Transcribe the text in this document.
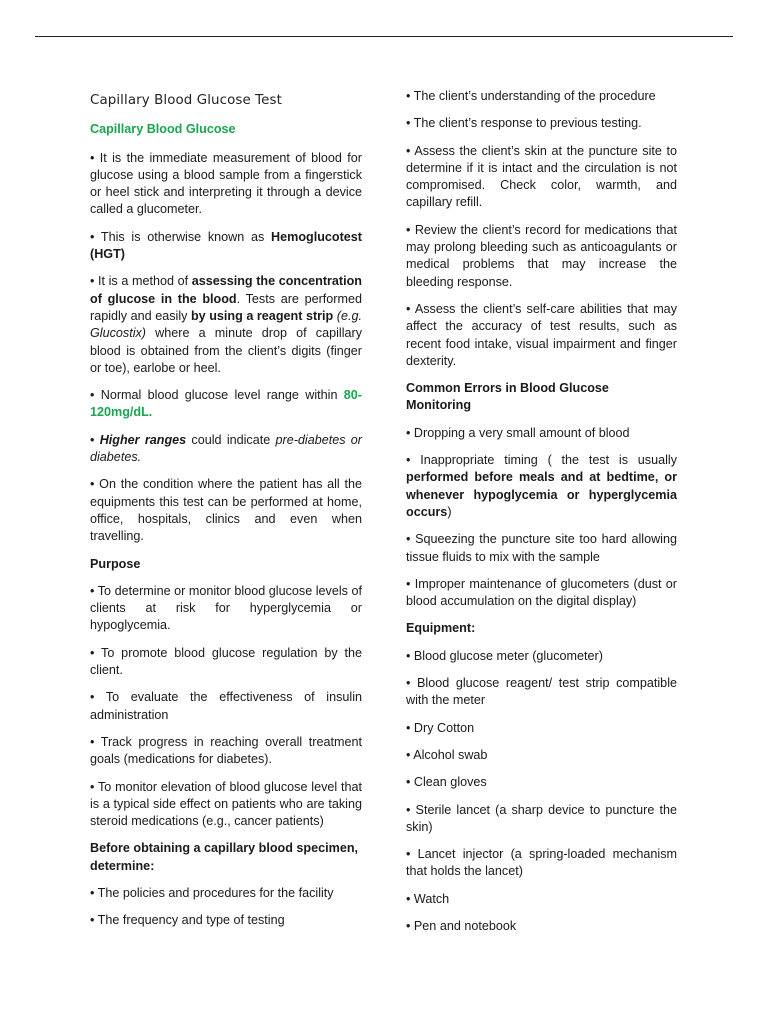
Capillary Blood Glucose Test
Capillary Blood Glucose

• It is the immediate measurement of blood for glucose using a blood sample from a fingerstick or heel stick and interpreting it through a device called a glucometer.

• This is otherwise known as Hemoglucotest (HGT)

• It is a method of assessing the concentration of glucose in the blood. Tests are performed rapidly and easily by using a reagent strip (e.g. Glucostix) where a minute drop of capillary blood is obtained from the client’s digits (finger or toe), earlobe or heel.

• Normal blood glucose level range within 80-120mg/dL.

• Higher ranges could indicate pre-diabetes or diabetes.

• On the condition where the patient has all the equipments this test can be performed at home, office, hospitals, clinics and even when travelling.

Purpose

• To determine or monitor blood glucose levels of clients at risk for hyperglycemia or hypoglycemia.

• To promote blood glucose regulation by the client.

• To evaluate the effectiveness of insulin administration

• Track progress in reaching overall treatment goals (medications for diabetes).

• To monitor elevation of blood glucose level that is a typical side effect on patients who are taking steroid medications (e.g., cancer patients)

Before obtaining a capillary blood specimen, determine:

• The policies and procedures for the facility

• The frequency and type of testing

• The client’s understanding of the procedure

• The client’s response to previous testing.

• Assess the client’s skin at the puncture site to determine if it is intact and the circulation is not compromised. Check color, warmth, and capillary refill.

• Review the client’s record for medications that may prolong bleeding such as anticoagulants or medical problems that may increase the bleeding response.

• Assess the client’s self-care abilities that may affect the accuracy of test results, such as recent food intake, visual impairment and finger dexterity.

Common Errors in Blood Glucose Monitoring

• Dropping a very small amount of blood

• Inappropriate timing ( the test is usually performed before meals and at bedtime, or whenever hypoglycemia or hyperglycemia occurs)

• Squeezing the puncture site too hard allowing tissue fluids to mix with the sample

• Improper maintenance of glucometers (dust or blood accumulation on the digital display)

Equipment:

• Blood glucose meter (glucometer)

• Blood glucose reagent/ test strip compatible with the meter

• Dry Cotton

• Alcohol swab

• Clean gloves

• Sterile lancet (a sharp device to puncture the skin)

• Lancet injector (a spring-loaded mechanism that holds the lancet)

• Watch

• Pen and notebook
